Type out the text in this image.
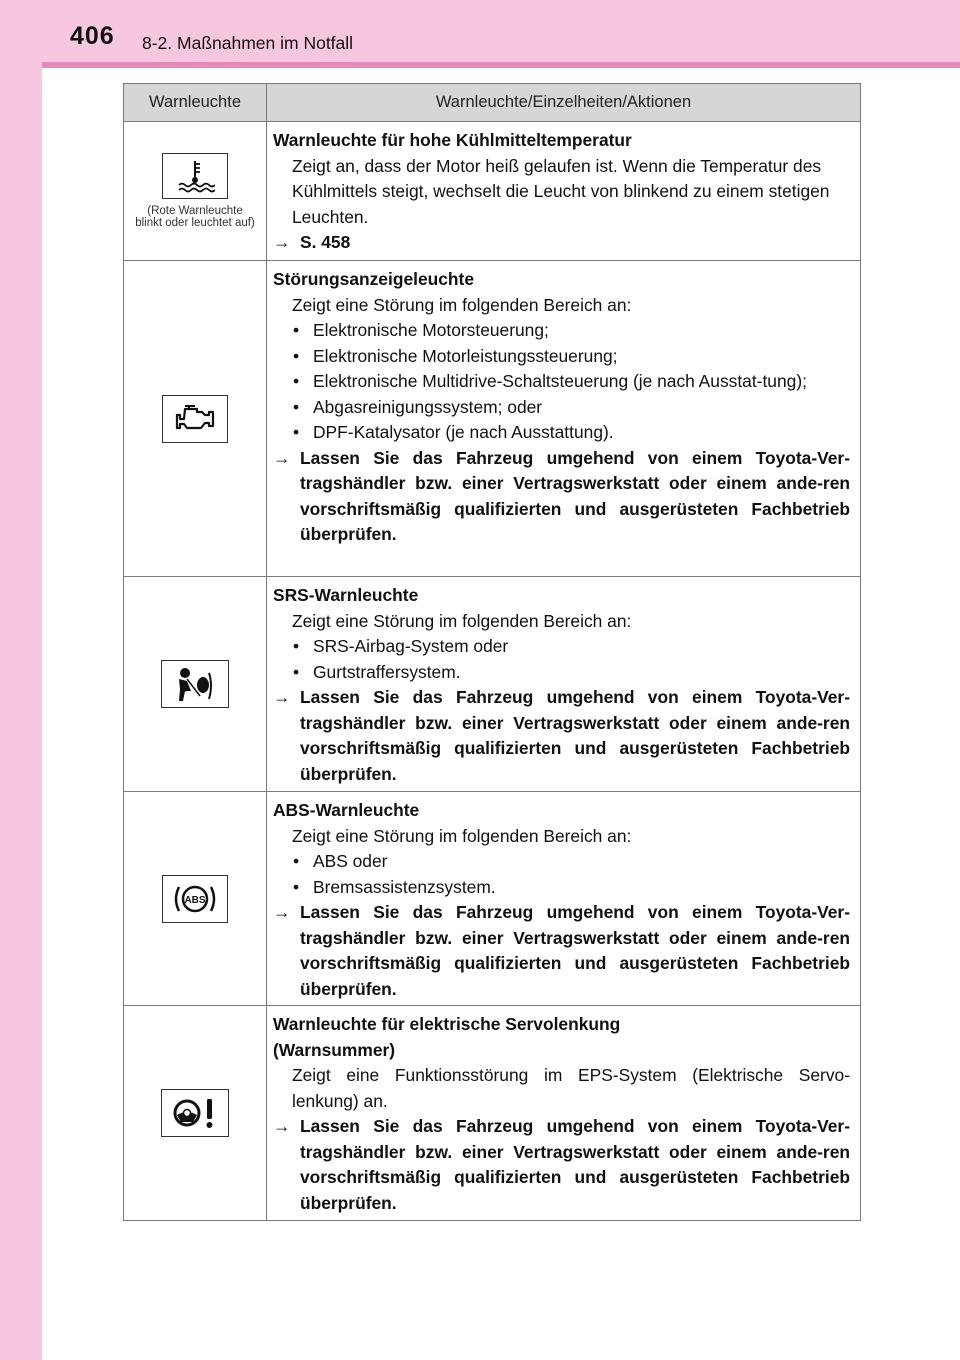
406 8-2. Maßnahmen im Notfall
Warnleuchte	Warnleuchte/Einzelheiten/Aktionen
(Rote Warnleuchte blinkt oder leuchtet auf)
Warnleuchte für hohe Kühlmitteltemperatur
Zeigt an, dass der Motor heiß gelaufen ist. Wenn die Temperatur des Kühlmittels steigt, wechselt die Leucht von blinkend zu einem stetigen Leuchten.
→ S. 458
Störungsanzeigeleuchte
Zeigt eine Störung im folgenden Bereich an:
• Elektronische Motorsteuerung;
• Elektronische Motorleistungssteuerung;
• Elektronische Multidrive-Schaltsteuerung (je nach Ausstat-tung);
• Abgasreinigungssystem; oder
• DPF-Katalysator (je nach Ausstattung).
→ Lassen Sie das Fahrzeug umgehend von einem Toyota-Ver-tragshändler bzw. einer Vertragswerkstatt oder einem ande-ren vorschriftsmäßig qualifizierten und ausgerüsteten Fachbetrieb überprüfen.
SRS-Warnleuchte
Zeigt eine Störung im folgenden Bereich an:
• SRS-Airbag-System oder
• Gurtstraffersystem.
→ Lassen Sie das Fahrzeug umgehend von einem Toyota-Ver-tragshändler bzw. einer Vertragswerkstatt oder einem ande-ren vorschriftsmäßig qualifizierten und ausgerüsteten Fachbetrieb überprüfen.
ABS
ABS-Warnleuchte
Zeigt eine Störung im folgenden Bereich an:
• ABS oder
• Bremsassistenzsystem.
→ Lassen Sie das Fahrzeug umgehend von einem Toyota-Ver-tragshändler bzw. einer Vertragswerkstatt oder einem ande-ren vorschriftsmäßig qualifizierten und ausgerüsteten Fachbetrieb überprüfen.
Warnleuchte für elektrische Servolenkung (Warnsummer)
Zeigt eine Funktionsstörung im EPS-System (Elektrische Servo-lenkung) an.
→ Lassen Sie das Fahrzeug umgehend von einem Toyota-Ver-tragshändler bzw. einer Vertragswerkstatt oder einem ande-ren vorschriftsmäßig qualifizierten und ausgerüsteten Fachbetrieb überprüfen.
